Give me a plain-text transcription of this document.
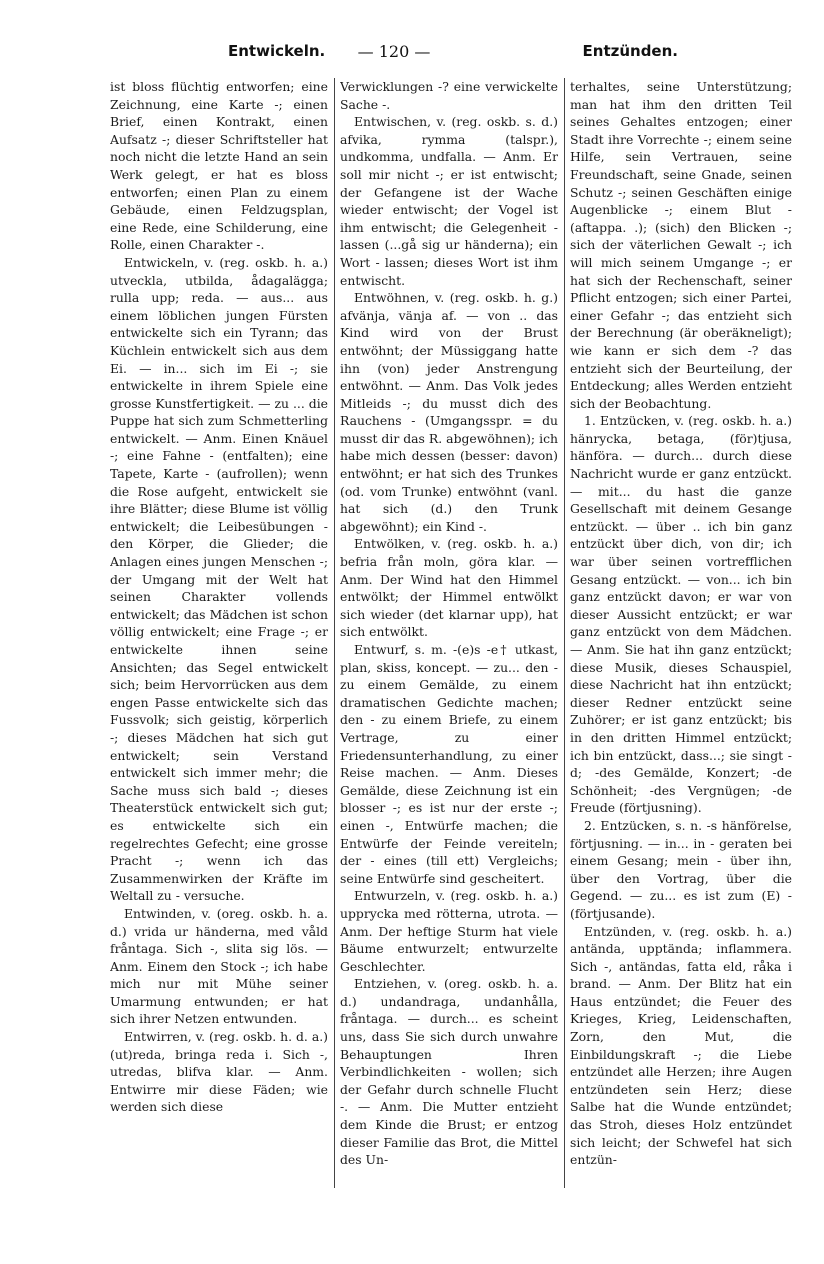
Entwickeln.	— 120 —	Entzünden.

ist bloss flüchtig entworfen; eine Zeichnung, eine Karte -; einen Brief, einen Kontrakt, einen Aufsatz -; dieser Schriftsteller hat noch nicht die letzte Hand an sein Werk gelegt, er hat es bloss entworfen; einen Plan zu einem Gebäude, einen Feldzugsplan, eine Rede, eine Schilderung, eine Rolle, einen Charakter -.

Entwickeln, v. (reg. oskb. h. a.) utveckla, utbilda, ådagalägga; rulla upp; reda. — aus... aus einem löblichen jungen Fürsten entwickelte sich ein Tyrann; das Küchlein entwickelt sich aus dem Ei. — in... sich im Ei -; sie entwickelte in ihrem Spiele eine grosse Kunstfertigkeit. — zu ... die Puppe hat sich zum Schmetterling entwickelt. — Anm. Einen Knäuel -; eine Fahne - (entfalten); eine Tapete, Karte - (aufrollen); wenn die Rose aufgeht, entwickelt sie ihre Blätter; diese Blume ist völlig entwickelt; die Leibesübungen - den Körper, die Glieder; die Anlagen eines jungen Menschen -; der Umgang mit der Welt hat seinen Charakter vollends entwickelt; das Mädchen ist schon völlig entwickelt; eine Frage -; er entwickelte ihnen seine Ansichten; das Segel entwickelt sich; beim Hervorrücken aus dem engen Passe entwickelte sich das Fussvolk; sich geistig, körperlich -; dieses Mädchen hat sich gut entwickelt; sein Verstand entwickelt sich immer mehr; die Sache muss sich bald -; dieses Theaterstück entwickelt sich gut; es entwickelte sich ein regelrechtes Gefecht; eine grosse Pracht -; wenn ich das Zusammenwirken der Kräfte im Weltall zu - versuche.

Entwinden, v. (oreg. oskb. h. a. d.) vrida ur händerna, med våld fråntaga. Sich -, slita sig lös. — Anm. Einem den Stock -; ich habe mich nur mit Mühe seiner Umarmung entwunden; er hat sich ihrer Netzen entwunden.

Entwirren, v. (reg. oskb. h. d. a.) (ut)reda, bringa reda i. Sich -, utredas, blifva klar. — Anm. Entwirre mir diese Fäden; wie werden sich diese

Verwicklungen -? eine verwickelte Sache -.

Entwischen, v. (reg. oskb. s. d.) afvika, rymma (talspr.), undkomma, undfalla. — Anm. Er soll mir nicht -; er ist entwischt; der Gefangene ist der Wache wieder entwischt; der Vogel ist ihm entwischt; die Gelegenheit - lassen (...gå sig ur händerna); ein Wort - lassen; dieses Wort ist ihm entwischt.

Entwöhnen, v. (reg. oskb. h. g.) afvänja, vänja af. — von .. das Kind wird von der Brust entwöhnt; der Müssiggang hatte ihn (von) jeder Anstrengung entwöhnt. — Anm. Das Volk jedes Mitleids -; du musst dich des Rauchens - (Umgangsspr. = du musst dir das R. abgewöhnen); ich habe mich dessen (besser: davon) entwöhnt; er hat sich des Trunkes (od. vom Trunke) entwöhnt (vanl. hat sich (d.) den Trunk abgewöhnt); ein Kind -.

Entwölken, v. (reg. oskb. h. a.) befria från moln, göra klar. — Anm. Der Wind hat den Himmel entwölkt; der Himmel entwölkt sich wieder (det klarnar upp), hat sich entwölkt.

Entwurf, s. m. -(e)s -e† utkast, plan, skiss, koncept. — zu... den - zu einem Gemälde, zu einem dramatischen Gedichte machen; den - zu einem Briefe, zu einem Vertrage, zu einer Friedensunterhandlung, zu einer Reise machen. — Anm. Dieses Gemälde, diese Zeichnung ist ein blosser -; es ist nur der erste -; einen -, Entwürfe machen; die Entwürfe der Feinde vereiteln; der - eines (till ett) Vergleichs; seine Entwürfe sind gescheitert.

Entwurzeln, v. (reg. oskb. h. a.) upprycka med rötterna, utrota. — Anm. Der heftige Sturm hat viele Bäume entwurzelt; entwurzelte Geschlechter.

Entziehen, v. (oreg. oskb. h. a. d.) undandraga, undanhålla, fråntaga. — durch... es scheint uns, dass Sie sich durch unwahre Behauptungen Ihren Verbindlichkeiten - wollen; sich der Gefahr durch schnelle Flucht -. — Anm. Die Mutter entzieht dem Kinde die Brust; er entzog dieser Familie das Brot, die Mittel des Un-

terhaltes, seine Unterstützung; man hat ihm den dritten Teil seines Gehaltes entzogen; einer Stadt ihre Vorrechte -; einem seine Hilfe, sein Vertrauen, seine Freundschaft, seine Gnade, seinen Schutz -; seinen Geschäften einige Augenblicke -; einem Blut - (aftappa. .); (sich) den Blicken -; sich der väterlichen Gewalt -; ich will mich seinem Umgange -; er hat sich der Rechenschaft, seiner Pflicht entzogen; sich einer Partei, einer Gefahr -; das entzieht sich der Berechnung (är oberäkneligt); wie kann er sich dem -? das entzieht sich der Beurteilung, der Entdeckung; alles Werden entzieht sich der Beobachtung.

1. Entzücken, v. (reg. oskb. h. a.) hänrycka, betaga, (för)tjusa, hänföra. — durch... durch diese Nachricht wurde er ganz entzückt. — mit... du hast die ganze Gesellschaft mit deinem Gesange entzückt. — über .. ich bin ganz entzückt über dich, von dir; ich war über seinen vortrefflichen Gesang entzückt. — von... ich bin ganz entzückt davon; er war von dieser Aussicht entzückt; er war ganz entzückt von dem Mädchen. — Anm. Sie hat ihn ganz entzückt; diese Musik, dieses Schauspiel, diese Nachricht hat ihn entzückt; dieser Redner entzückt seine Zuhörer; er ist ganz entzückt; bis in den dritten Himmel entzückt; ich bin entzückt, dass...; sie singt -d; -des Gemälde, Konzert; -de Schönheit; -des Vergnügen; -de Freude (förtjusning).

2. Entzücken, s. n. -s hänförelse, förtjusning. — in... in - geraten bei einem Gesang; mein - über ihn, über den Vortrag, über die Gegend. — zu... es ist zum (E) - (förtjusande).

Entzünden, v. (reg. oskb. h. a.) antända, upptända; inflammera. Sich -, antändas, fatta eld, råka i brand. — Anm. Der Blitz hat ein Haus entzündet; die Feuer des Krieges, Krieg, Leidenschaften, Zorn, den Mut, die Einbildungskraft -; die Liebe entzündet alle Herzen; ihre Augen entzündeten sein Herz; diese Salbe hat die Wunde entzündet; das Stroh, dieses Holz entzündet sich leicht; der Schwefel hat sich entzün-
